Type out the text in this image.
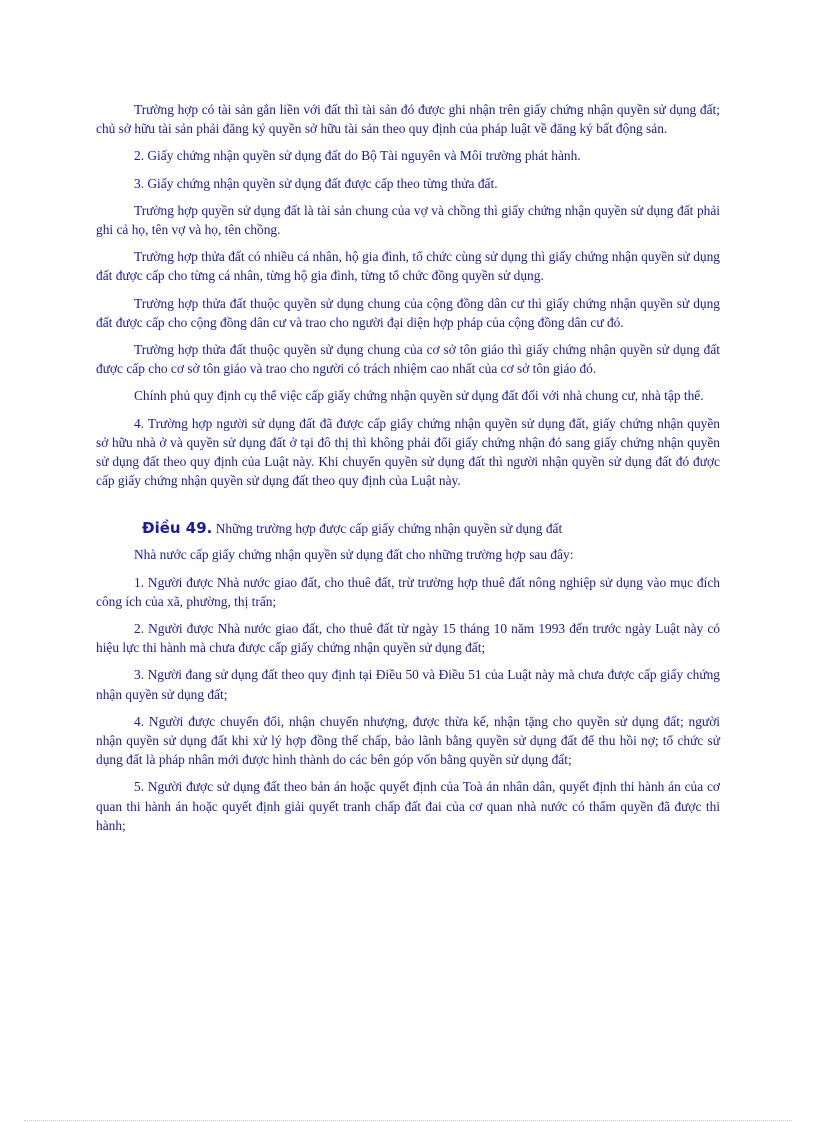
Trường hợp có tài sản gắn liền với đất thì tài sản đó được ghi nhận trên giấy chứng nhận quyền sử dụng đất; chủ sở hữu tài sản phải đăng ký quyền sở hữu tài sản theo quy định của pháp luật về đăng ký bất động sản.

2. Giấy chứng nhận quyền sử dụng đất do Bộ Tài nguyên và Môi trường phát hành.

3. Giấy chứng nhận quyền sử dụng đất được cấp theo từng thửa đất.

Trường hợp quyền sử dụng đất là tài sản chung của vợ và chồng thì giấy chứng nhận quyền sử dụng đất phải ghi cả họ, tên vợ và họ, tên chồng.

Trường hợp thửa đất có nhiều cá nhân, hộ gia đình, tổ chức cùng sử dụng thì giấy chứng nhận quyền sử dụng đất được cấp cho từng cá nhân, từng hộ gia đình, từng tổ chức đồng quyền sử dụng.

Trường hợp thửa đất thuộc quyền sử dụng chung của cộng đồng dân cư thì giấy chứng nhận quyền sử dụng đất được cấp cho cộng đồng dân cư và trao cho người đại diện hợp pháp của cộng đồng dân cư đó.

Trường hợp thửa đất thuộc quyền sử dụng chung của cơ sở tôn giáo thì giấy chứng nhận quyền sử dụng đất được cấp cho cơ sở tôn giáo và trao cho người có trách nhiệm cao nhất của cơ sở tôn giáo đó.

Chính phủ quy định cụ thể việc cấp giấy chứng nhận quyền sử dụng đất đối với nhà chung cư, nhà tập thể.

4. Trường hợp người sử dụng đất đã được cấp giấy chứng nhận quyền sử dụng đất, giấy chứng nhận quyền sở hữu nhà ở và quyền sử dụng đất ở tại đô thị thì không phải đổi giấy chứng nhận đó sang giấy chứng nhận quyền sử dụng đất theo quy định của Luật này. Khi chuyển quyền sử dụng đất thì người nhận quyền sử dụng đất đó được cấp giấy chứng nhận quyền sử dụng đất theo quy định của Luật này.

Điều 49. Những trường hợp được cấp giấy chứng nhận quyền sử dụng đất

Nhà nước cấp giấy chứng nhận quyền sử dụng đất cho những trường hợp sau đây:

1. Người được Nhà nước giao đất, cho thuê đất, trừ trường hợp thuê đất nông nghiệp sử dụng vào mục đích công ích của xã, phường, thị trấn;

2. Người được Nhà nước giao đất, cho thuê đất từ ngày 15 tháng 10 năm 1993 đến trước ngày Luật này có hiệu lực thi hành mà chưa được cấp giấy chứng nhận quyền sử dụng đất;

3. Người đang sử dụng đất theo quy định tại Điều 50 và Điều 51 của Luật này mà chưa được cấp giấy chứng nhận quyền sử dụng đất;

4. Người được chuyển đổi, nhận chuyển nhượng, được thừa kế, nhận tặng cho quyền sử dụng đất; người nhận quyền sử dụng đất khi xử lý hợp đồng thế chấp, bảo lãnh bằng quyền sử dụng đất để thu hồi nợ; tổ chức sử dụng đất là pháp nhân mới được hình thành do các bên góp vốn bằng quyền sử dụng đất;

5. Người được sử dụng đất theo bản án hoặc quyết định của Toà án nhân dân, quyết định thi hành án của cơ quan thi hành án hoặc quyết định giải quyết tranh chấp đất đai của cơ quan nhà nước có thẩm quyền đã được thi hành;
